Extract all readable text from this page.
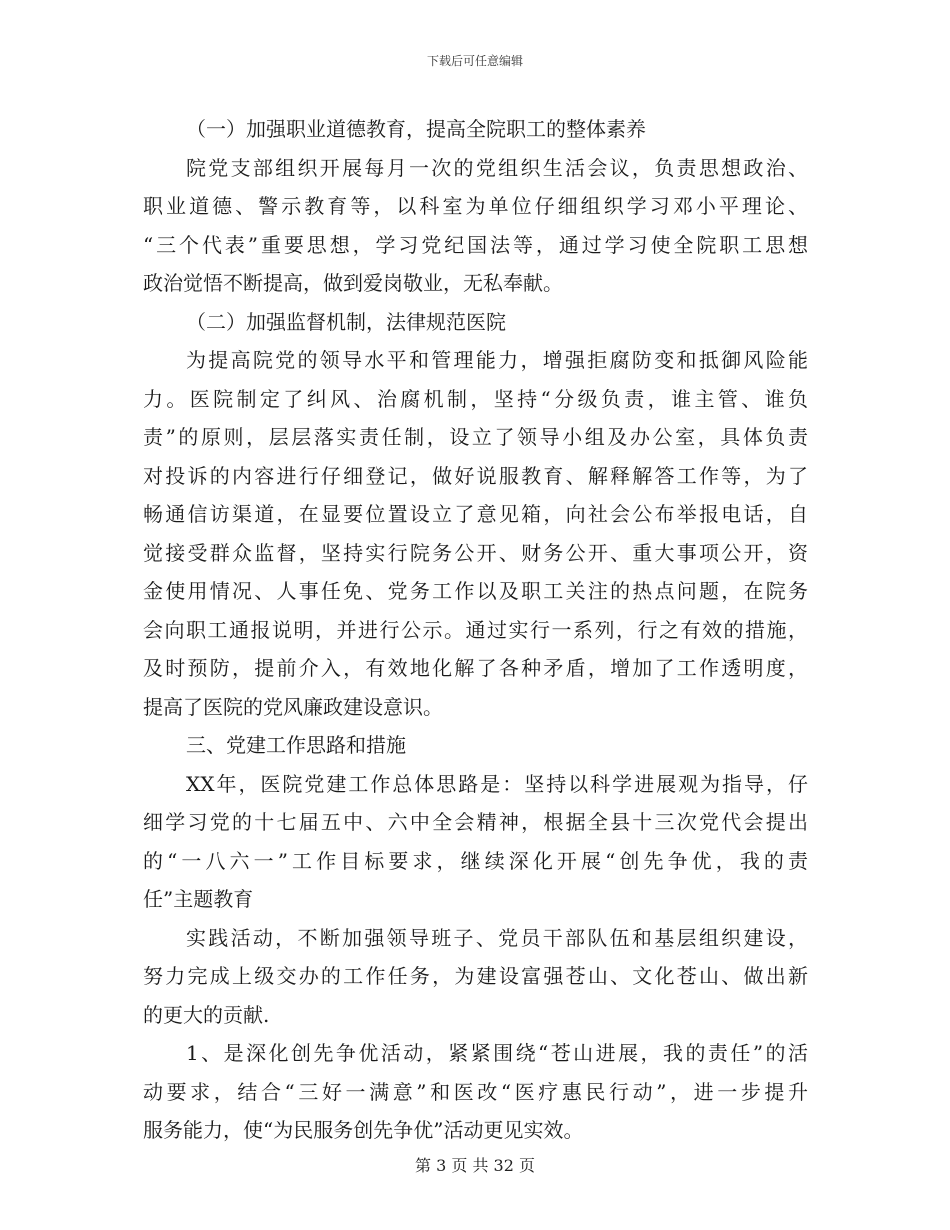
下载后可任意编辑
（一）加强职业道德教育，提高全院职工的整体素养
院党支部组织开展每月一次的党组织生活会议，负责思想政治、
职业道德、警示教育等，以科室为单位仔细组织学习邓小平理论、
“三个代表”重要思想，学习党纪国法等，通过学习使全院职工思想
政治觉悟不断提高，做到爱岗敬业，无私奉献。
（二）加强监督机制，法律规范医院
为提高院党的领导水平和管理能力，增强拒腐防变和抵御风险能
力。医院制定了纠风、治腐机制，坚持“分级负责，谁主管、谁负
责”的原则，层层落实责任制，设立了领导小组及办公室，具体负责
对投诉的内容进行仔细登记，做好说服教育、解释解答工作等，为了
畅通信访渠道，在显要位置设立了意见箱，向社会公布举报电话，自
觉接受群众监督，坚持实行院务公开、财务公开、重大事项公开，资
金使用情况、人事任免、党务工作以及职工关注的热点问题，在院务
会向职工通报说明，并进行公示。通过实行一系列，行之有效的措施，
及时预防，提前介入，有效地化解了各种矛盾，增加了工作透明度，
提高了医院的党风廉政建设意识。
三、党建工作思路和措施
XX年，医院党建工作总体思路是：坚持以科学进展观为指导，仔
细学习党的十七届五中、六中全会精神，根据全县十三次党代会提出
的“一八六一”工作目标要求，继续深化开展“创先争优，我的责
任”主题教育
实践活动，不断加强领导班子、党员干部队伍和基层组织建设，
努力完成上级交办的工作任务，为建设富强苍山、文化苍山、做出新
的更大的贡献.
1、是深化创先争优活动，紧紧围绕“苍山进展，我的责任”的活
动要求，结合“三好一满意”和医改“医疗惠民行动”，进一步提升
服务能力，使“为民服务创先争优”活动更见实效。
第 3 页 共 32 页
